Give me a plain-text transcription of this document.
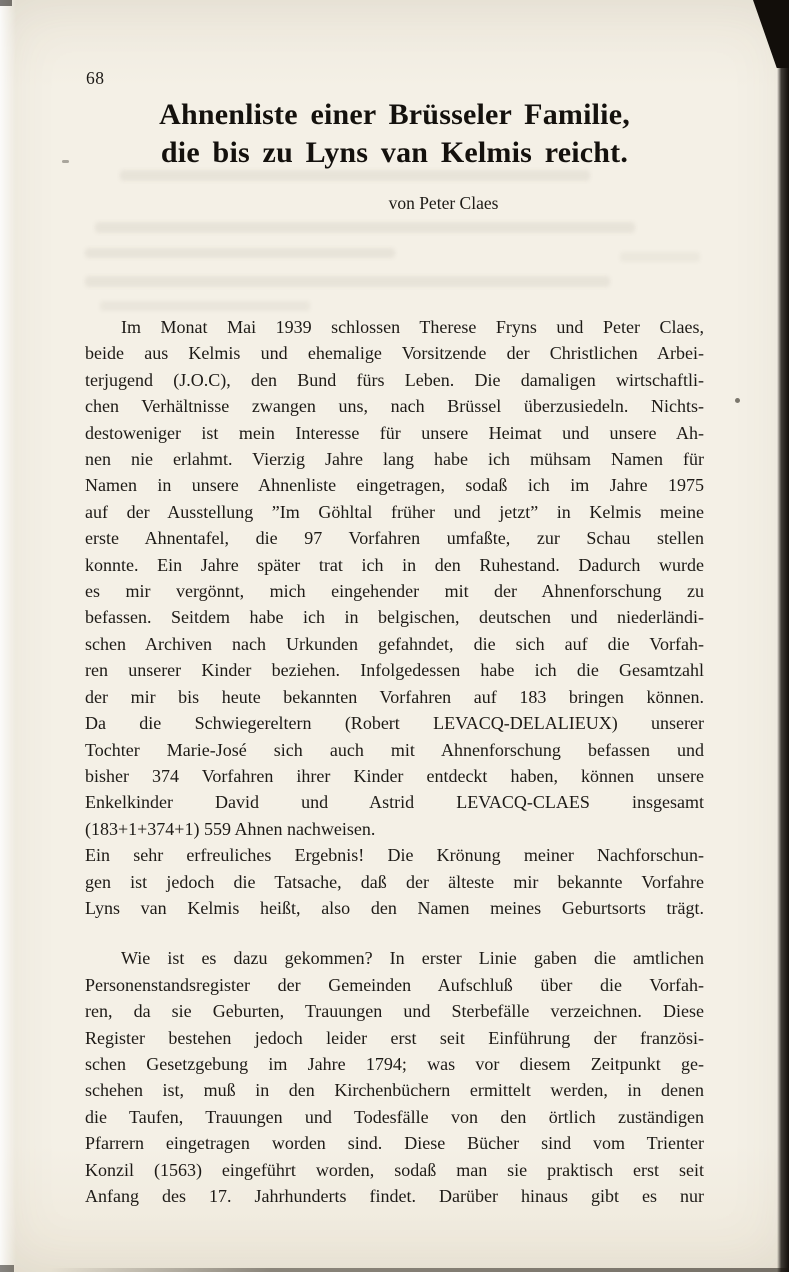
68
Ahnenliste einer Brüsseler Familie,
die bis zu Lyns van Kelmis reicht.
von Peter Claes
Im Monat Mai 1939 schlossen Therese Fryns und Peter Claes,
beide aus Kelmis und ehemalige Vorsitzende der Christlichen Arbei-
terjugend (J.O.C), den Bund fürs Leben. Die damaligen wirtschaftli-
chen Verhältnisse zwangen uns, nach Brüssel überzusiedeln. Nichts-
destoweniger ist mein Interesse für unsere Heimat und unsere Ah-
nen nie erlahmt. Vierzig Jahre lang habe ich mühsam Namen für
Namen in unsere Ahnenliste eingetragen, sodaß ich im Jahre 1975
auf der Ausstellung ”Im Göhltal früher und jetzt” in Kelmis meine
erste Ahnentafel, die 97 Vorfahren umfaßte, zur Schau stellen
konnte. Ein Jahre später trat ich in den Ruhestand. Dadurch wurde
es mir vergönnt, mich eingehender mit der Ahnenforschung zu
befassen. Seitdem habe ich in belgischen, deutschen und niederländi-
schen Archiven nach Urkunden gefahndet, die sich auf die Vorfah-
ren unserer Kinder beziehen. Infolgedessen habe ich die Gesamtzahl
der mir bis heute bekannten Vorfahren auf 183 bringen können.
Da die Schwiegereltern (Robert LEVACQ-DELALIEUX) unserer
Tochter Marie-José sich auch mit Ahnenforschung befassen und
bisher 374 Vorfahren ihrer Kinder entdeckt haben, können unsere
Enkelkinder David und Astrid LEVACQ-CLAES insgesamt
(183+1+374+1) 559 Ahnen nachweisen.
Ein sehr erfreuliches Ergebnis! Die Krönung meiner Nachforschun-
gen ist jedoch die Tatsache, daß der älteste mir bekannte Vorfahre
Lyns van Kelmis heißt, also den Namen meines Geburtsorts trägt.
Wie ist es dazu gekommen? In erster Linie gaben die amtlichen
Personenstandsregister der Gemeinden Aufschluß über die Vorfah-
ren, da sie Geburten, Trauungen und Sterbefälle verzeichnen. Diese
Register bestehen jedoch leider erst seit Einführung der französi-
schen Gesetzgebung im Jahre 1794; was vor diesem Zeitpunkt ge-
schehen ist, muß in den Kirchenbüchern ermittelt werden, in denen
die Taufen, Trauungen und Todesfälle von den örtlich zuständigen
Pfarrern eingetragen worden sind. Diese Bücher sind vom Trienter
Konzil (1563) eingeführt worden, sodaß man sie praktisch erst seit
Anfang des 17. Jahrhunderts findet. Darüber hinaus gibt es nur
